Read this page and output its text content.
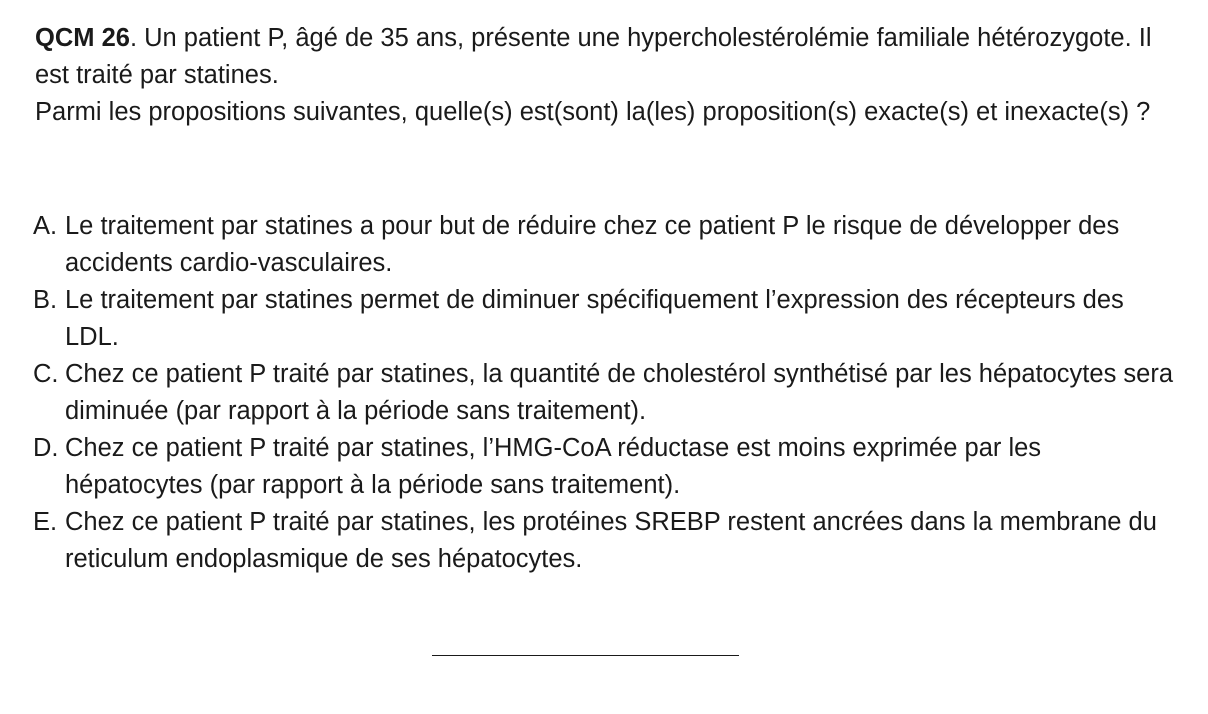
QCM 26. Un patient P, âgé de 35 ans, présente une hypercholestérolémie familiale hétérozygote. Il est traité par statines.
Parmi les propositions suivantes, quelle(s) est(sont) la(les) proposition(s) exacte(s) et inexacte(s) ?
A. Le traitement par statines a pour but de réduire chez ce patient P le risque de développer des accidents cardio-vasculaires.
B. Le traitement par statines permet de diminuer spécifiquement l’expression des récepteurs des LDL.
C. Chez ce patient P traité par statines, la quantité de cholestérol synthétisé par les hépatocytes sera diminuée (par rapport à la période sans traitement).
D. Chez ce patient P traité par statines, l’HMG-CoA réductase est moins exprimée par les hépatocytes (par rapport à la période sans traitement).
E. Chez ce patient P traité par statines, les protéines SREBP restent ancrées dans la membrane du reticulum endoplasmique de ses hépatocytes.
